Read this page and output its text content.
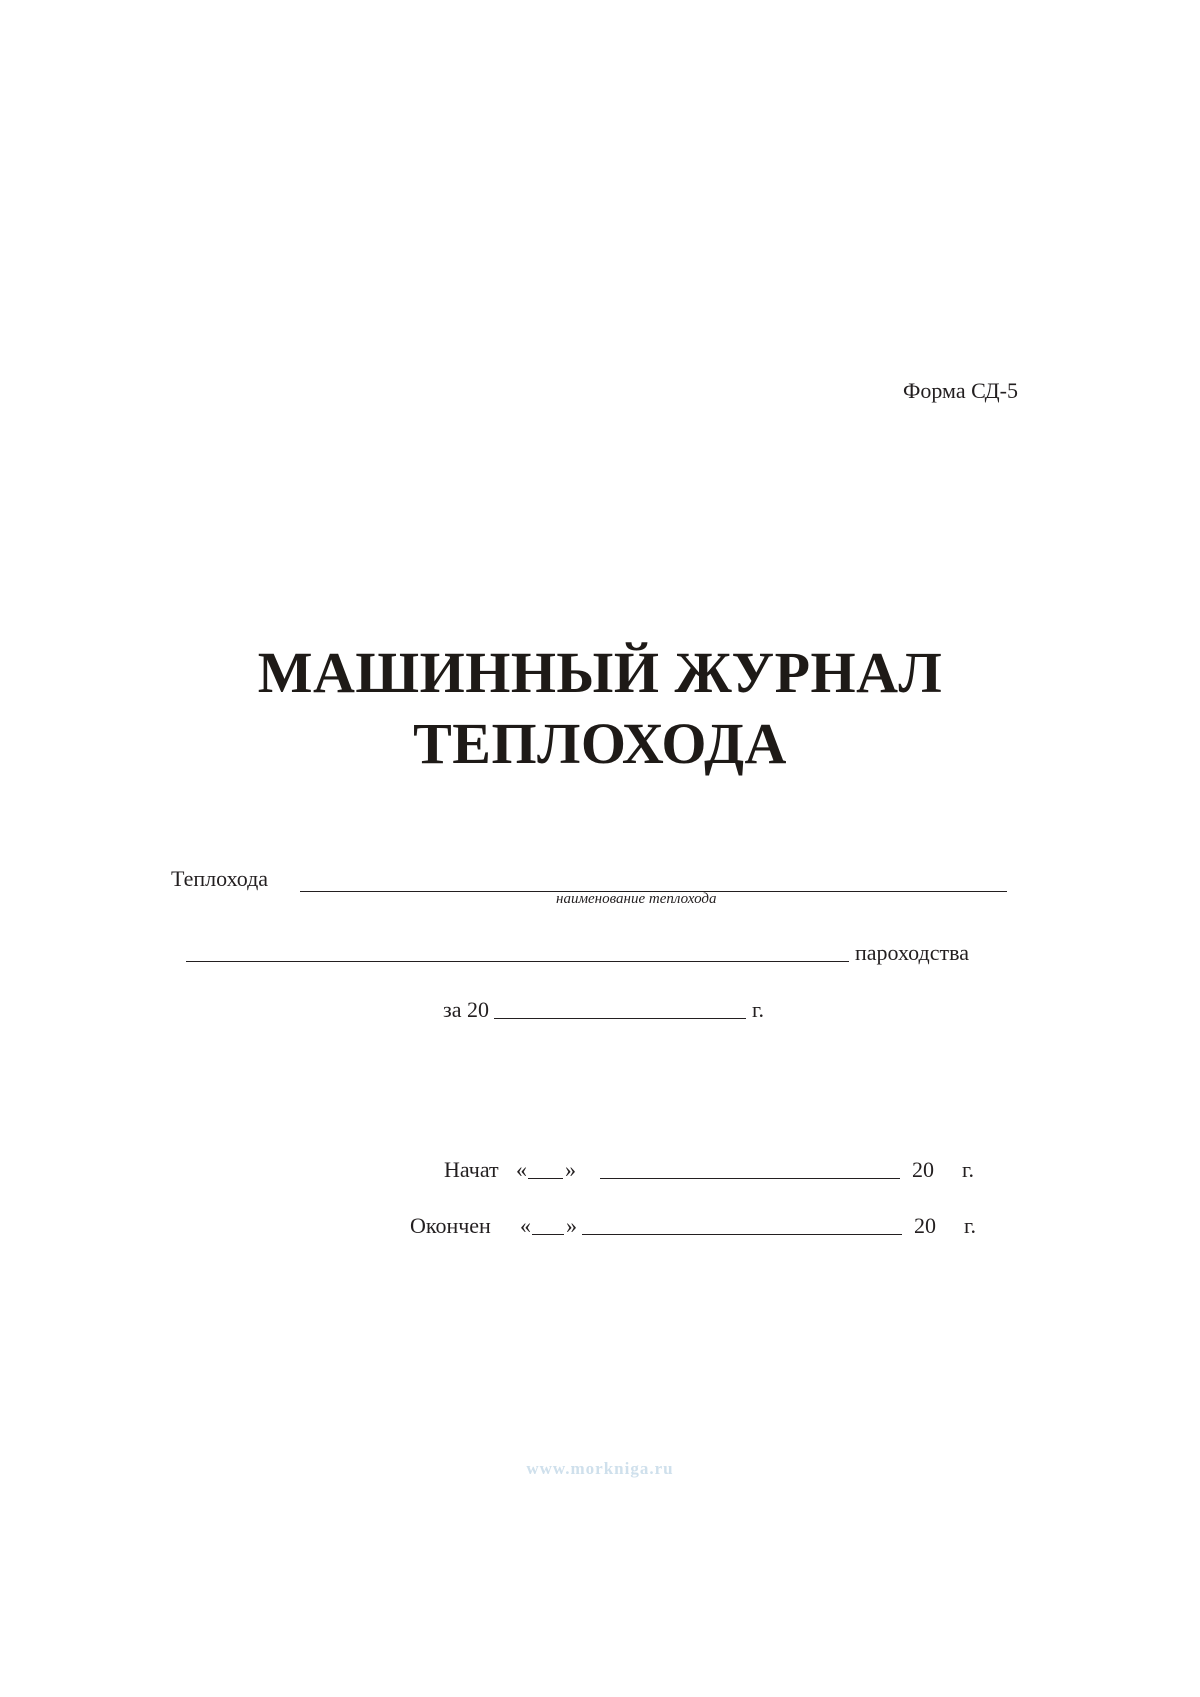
Форма СД-5
МАШИННЫЙ ЖУРНАЛ
ТЕПЛОХОДА
Теплохода
наименование теплохода
пароходства
за 20	г.
Начат « »	20 г.
Окончен « »	20 г.
www.morkniga.ru
